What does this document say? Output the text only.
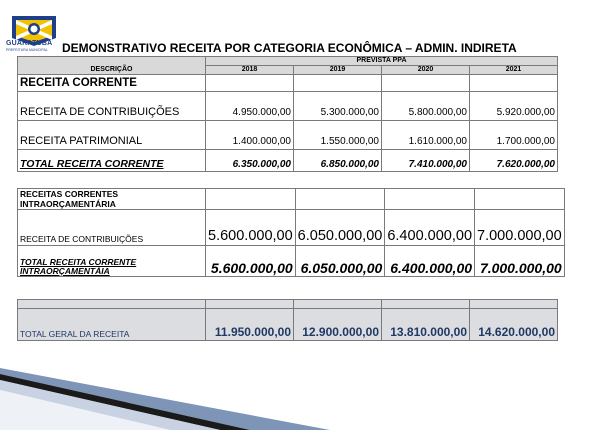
GUARATUBA
PREFEITURA MUNICIPAL DEMONSTRATIVO RECEITA POR CATEGORIA ECONÔMICA – ADMIN. INDIRETA
DESCRIÇÃO	PREVISTA PPA			
	2018	2019	2020	2021
RECEITA CORRENTE				
RECEITA DE CONTRIBUIÇÕES	4.950.000,00	5.300.000,00	5.800.000,00	5.920.000,00
RECEITA PATRIMONIAL	1.400.000,00	1.550.000,00	1.610.000,00	1.700.000,00
TOTAL RECEITA CORRENTE	6.350.000,00	6.850.000,00	7.410.000,00	7.620.000,00
RECEITAS CORRENTES INTRAORÇAMENTÁRIA				
RECEITA DE CONTRIBUIÇÕES	5.600.000,00	6.050.000,00	6.400.000,00	7.000.000,00
TOTAL RECEITA CORRENTE INTRAORÇAMENTÁIA	5.600.000,00	6.050.000,00	6.400.000,00	7.000.000,00

TOTAL GERAL DA RECEITA	11.950.000,00	12.900.000,00	13.810.000,00	14.620.000,00
